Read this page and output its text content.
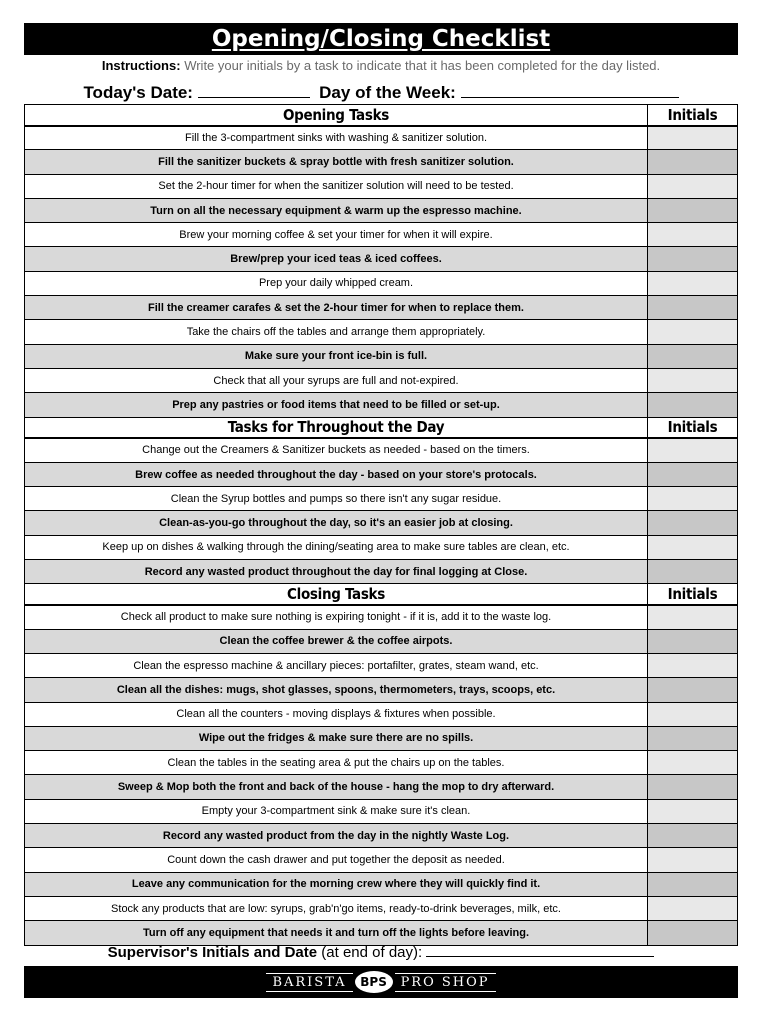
Opening/Closing Checklist
Instructions: Write your initials by a task to indicate that it has been completed for the day listed.
Today's Date:	Day of the Week:
Opening Tasks	Initials
Fill the 3-compartment sinks with washing & sanitizer solution.	
Fill the sanitizer buckets & spray bottle with fresh sanitizer solution.	
Set the 2-hour timer for when the sanitizer solution will need to be tested.	
Turn on all the necessary equipment & warm up the espresso machine.	
Brew your morning coffee & set your timer for when it will expire.	
Brew/prep your iced teas & iced coffees.	
Prep your daily whipped cream.	
Fill the creamer carafes & set the 2-hour timer for when to replace them.	
Take the chairs off the tables and arrange them appropriately.	
Make sure your front ice-bin is full.	
Check that all your syrups are full and not-expired.	
Prep any pastries or food items that need to be filled or set-up.	
Tasks for Throughout the Day	Initials
Change out the Creamers & Sanitizer buckets as needed - based on the timers.	
Brew coffee as needed throughout the day - based on your store's protocals.	
Clean the Syrup bottles and pumps so there isn't any sugar residue.	
Clean-as-you-go throughout the day, so it's an easier job at closing.	
Keep up on dishes & walking through the dining/seating area to make sure tables are clean, etc.	
Record any wasted product throughout the day for final logging at Close.	
Closing Tasks	Initials
Check all product to make sure nothing is expiring tonight - if it is, add it to the waste log.	
Clean the coffee brewer & the coffee airpots.	
Clean the espresso machine & ancillary pieces: portafilter, grates, steam wand, etc.	
Clean all the dishes: mugs, shot glasses, spoons, thermometers, trays, scoops, etc.	
Clean all the counters - moving displays & fixtures when possible.	
Wipe out the fridges & make sure there are no spills.	
Clean the tables in the seating area & put the chairs up on the tables.	
Sweep & Mop both the front and back of the house - hang the mop to dry afterward.	
Empty your 3-compartment sink & make sure it's clean.	
Record any wasted product from the day in the nightly Waste Log.	
Count down the cash drawer and put together the deposit as needed.	
Leave any communication for the morning crew where they will quickly find it.	
Stock any products that are low: syrups, grab'n'go items, ready-to-drink beverages, milk, etc.	
Turn off any equipment that needs it and turn off the lights before leaving.	
Supervisor's Initials and Date (at end of day):
BARISTA	BPS	PRO SHOP
